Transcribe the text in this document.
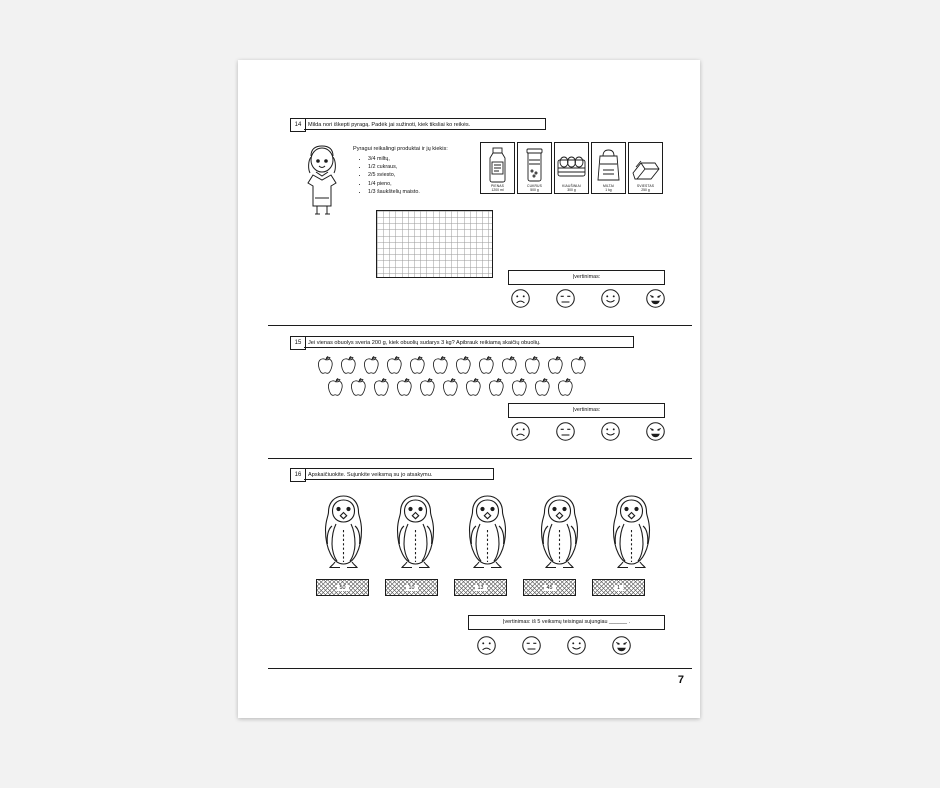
14	Milda nori iškepti pyragą. Padėk jai sužinoti, kiek tiksliai ko reikės.
Pyragui reikalingi produktai ir jų kiekis:
• 3/4 miltų,
• 1/2 cukraus,
• 2/5 sviesto,
• 1/4 pieno,
• 1/3 šaukštelių maisto.
PIENAS
1200 ml
CUKRUS
500 g
KIAUŠINIAI
300 g
MILTAI
1 kg
SVIESTAS
250 g
Įvertinimas:
15	Jei vienas obuolys sveria 200 g, kiek obuolių sudarys 3 kg? Apibrauk reikiamą skaičių obuolių.
Įvertinimas:
16	Apskaičiuokite. Sujunkite veiksmą su jo atsakymu.
50	10	13	45	1
Įvertinimas: iš 5 veiksmų teisingai sujungiau ______ .
7
